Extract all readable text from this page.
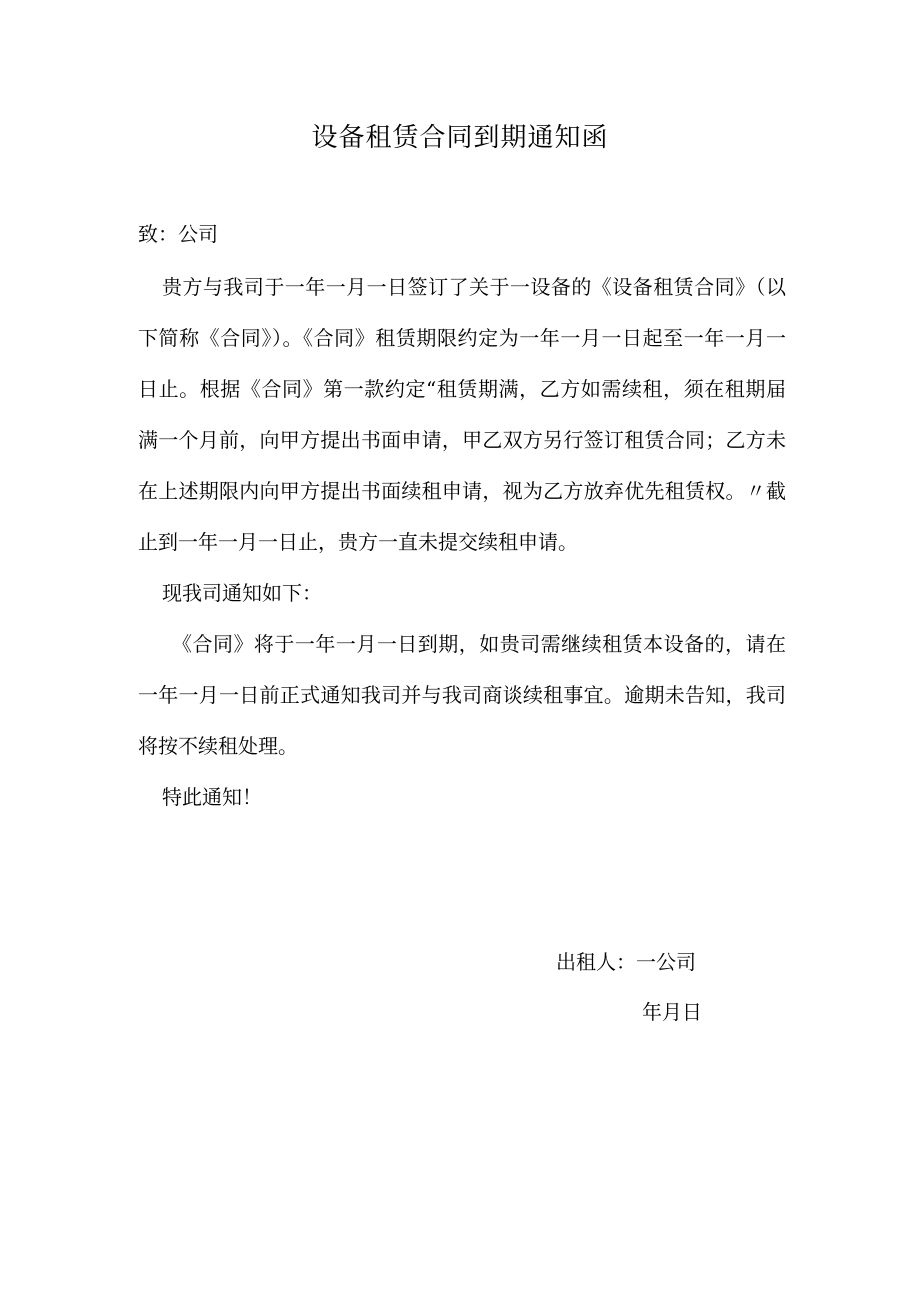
设备租赁合同到期通知函
致：公司

贵方与我司于一年一月一日签订了关于一设备的《设备租赁合同》（以下简称《合同》）。《合同》租赁期限约定为一年一月一日起至一年一月一日止。根据《合同》第一款约定“租赁期满，乙方如需续租，须在租期届满一个月前，向甲方提出书面申请，甲乙双方另行签订租赁合同；乙方未在上述期限内向甲方提出书面续租申请，视为乙方放弃优先租赁权。〃截止到一年一月一日止，贵方一直未提交续租申请。

现我司通知如下：

《合同》将于一年一月一日到期，如贵司需继续租赁本设备的，请在一年一月一日前正式通知我司并与我司商谈续租事宜。逾期未告知，我司将按不续租处理。

特此通知！

出租人：一公司
年月日
